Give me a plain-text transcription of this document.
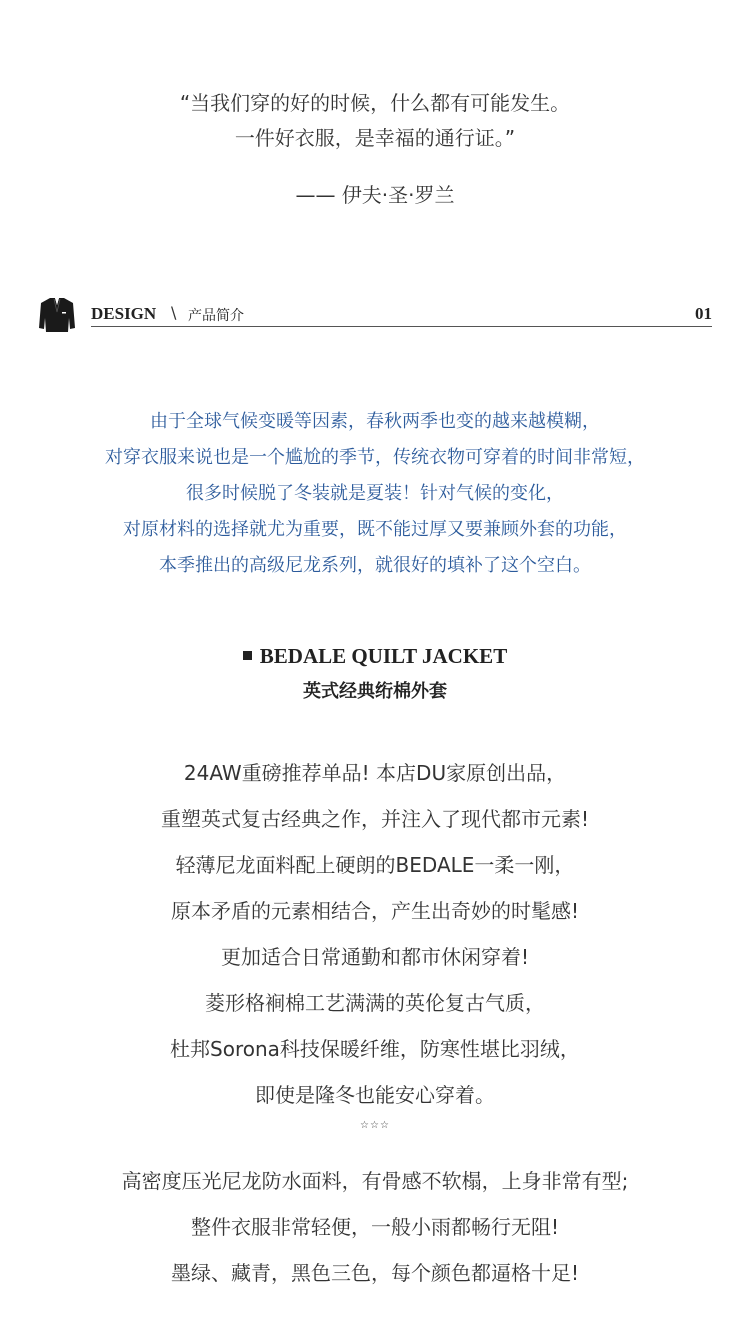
“当我们穿的好的时候，什么都有可能发生。
一件好衣服，是幸福的通行证。”
—— 伊夫·圣·罗兰
DESIGN \ 产品简介	01
由于全球气候变暖等因素，春秋两季也变的越来越模糊，
对穿衣服来说也是一个尴尬的季节，传统衣物可穿着的时间非常短，
很多时候脱了冬装就是夏装！针对气候的变化，
对原材料的选择就尤为重要，既不能过厚又要兼顾外套的功能，
本季推出的高级尼龙系列，就很好的填补了这个空白。
BEDALE QUILT JACKET
英式经典绗棉外套
24AW重磅推荐单品! 本店DU家原创出品，
重塑英式复古经典之作，并注入了现代都市元素!
轻薄尼龙面料配上硬朗的BEDALE一柔一刚，
原本矛盾的元素相结合，产生出奇妙的时髦感!
更加适合日常通勤和都市休闲穿着!
菱形格裥棉工艺满满的英伦复古气质，
杜邦Sorona科技保暖纤维，防寒性堪比羽绒，
即使是隆冬也能安心穿着。
☆☆☆
高密度压光尼龙防水面料，有骨感不软榻，上身非常有型;
整件衣服非常轻便，一般小雨都畅行无阻!
墨绿、藏青，黑色三色，每个颜色都逼格十足!
